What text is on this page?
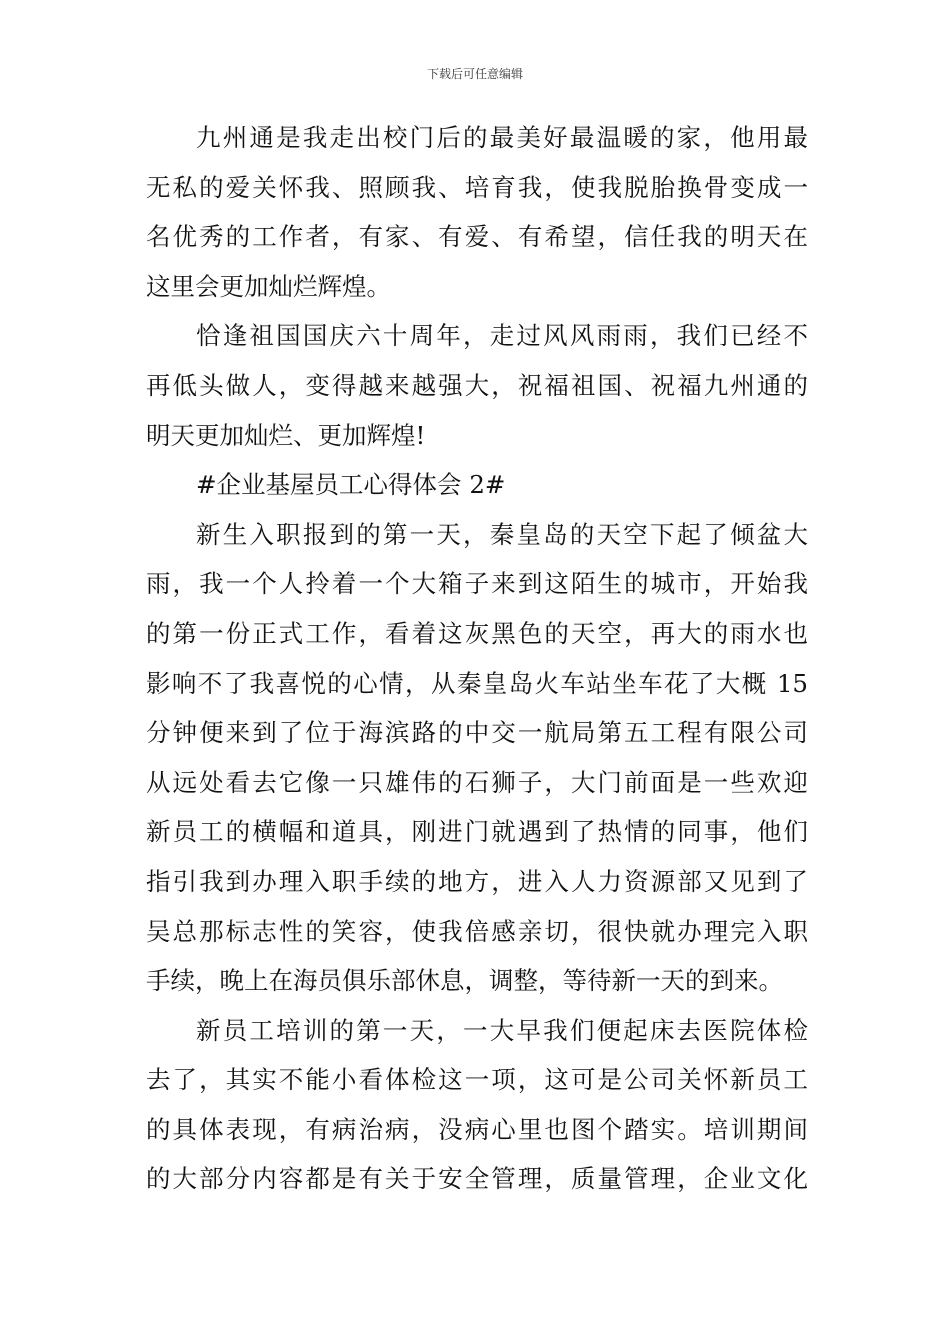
下载后可任意编辑
九州通是我走出校门后的最美好最温暖的家，他用最
无私的爱关怀我、照顾我、培育我，使我脱胎换骨变成一
名优秀的工作者，有家、有爱、有希望，信任我的明天在
这里会更加灿烂辉煌。
恰逢祖国国庆六十周年，走过风风雨雨，我们已经不
再低头做人，变得越来越强大，祝福祖国、祝福九州通的
明天更加灿烂、更加辉煌!
#企业基屋员工心得体会 2#
新生入职报到的第一天，秦皇岛的天空下起了倾盆大
雨，我一个人拎着一个大箱子来到这陌生的城市，开始我
的第一份正式工作，看着这灰黑色的天空，再大的雨水也
影响不了我喜悦的心情，从秦皇岛火车站坐车花了大概 15
分钟便来到了位于海滨路的中交一航局第五工程有限公司
从远处看去它像一只雄伟的石狮子，大门前面是一些欢迎
新员工的横幅和道具，刚进门就遇到了热情的同事，他们
指引我到办理入职手续的地方，进入人力资源部又见到了
吴总那标志性的笑容，使我倍感亲切，很快就办理完入职
手续，晚上在海员俱乐部休息，调整，等待新一天的到来。
新员工培训的第一天，一大早我们便起床去医院体检
去了，其实不能小看体检这一项，这可是公司关怀新员工
的具体表现，有病治病，没病心里也图个踏实。培训期间
的大部分内容都是有关于安全管理，质量管理，企业文化
